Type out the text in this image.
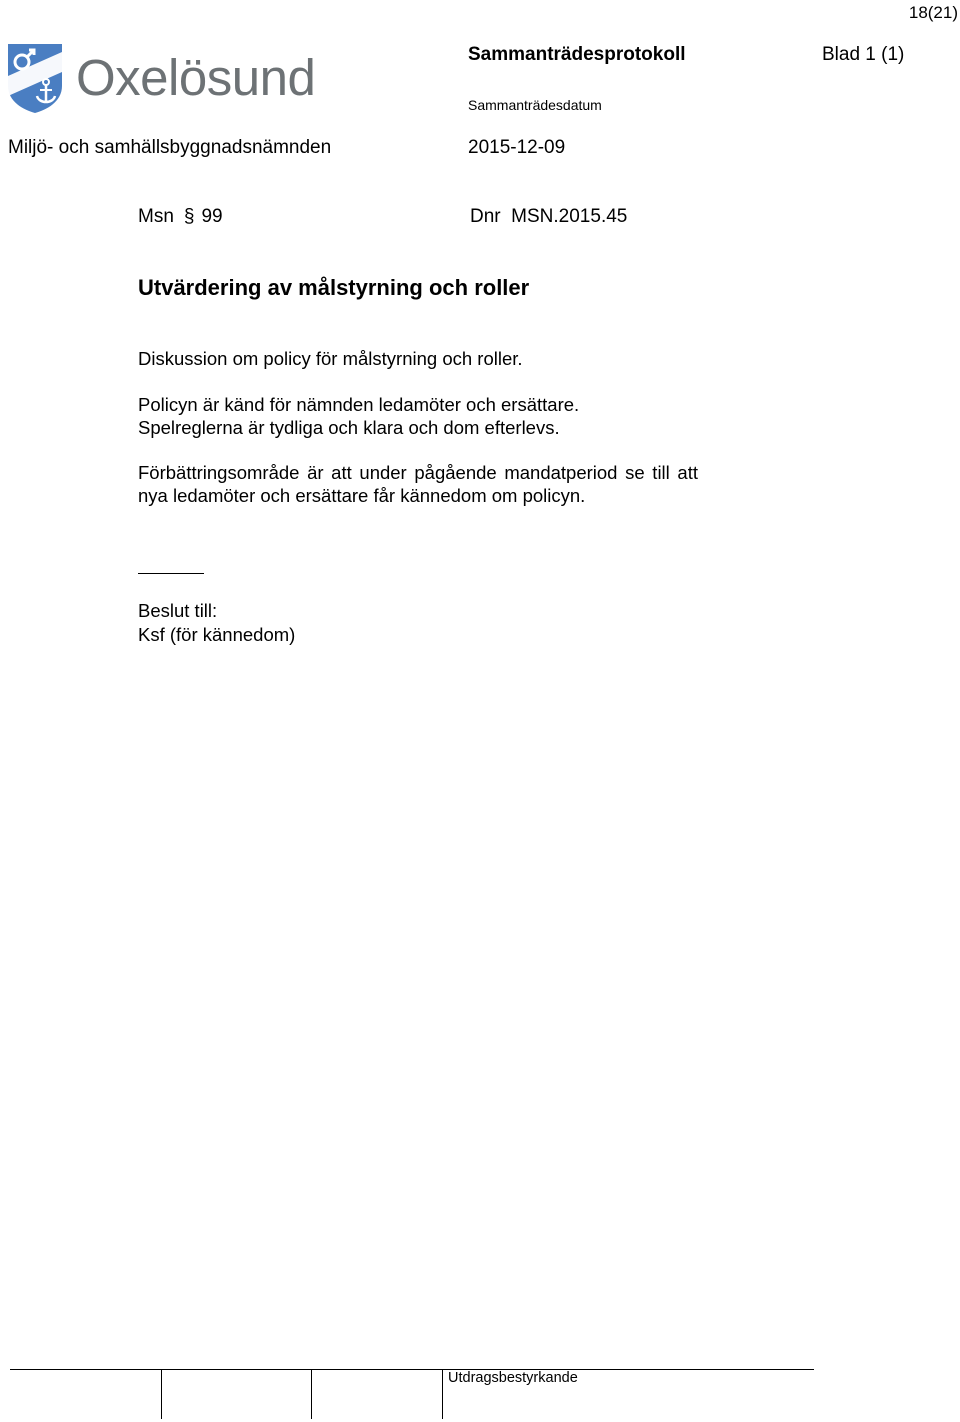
18(21)
Oxelösund	Sammanträdesprotokoll	Blad 1 (1)
Sammanträdesdatum
Miljö- och samhällsbyggnadsnämnden	2015-12-09
Msn § 99	Dnr  MSN.2015.45
Utvärdering av målstyrning och roller
Diskussion om policy för målstyrning och roller.
Policyn är känd för nämnden ledamöter och ersättare.
Spelreglerna är tydliga och klara och dom efterlevs.
Förbättringsområde är att under pågående mandatperiod se till att nya ledamöter och ersättare får kännedom om policyn.
Beslut till:
Ksf (för kännedom)
Utdragsbestyrkande
